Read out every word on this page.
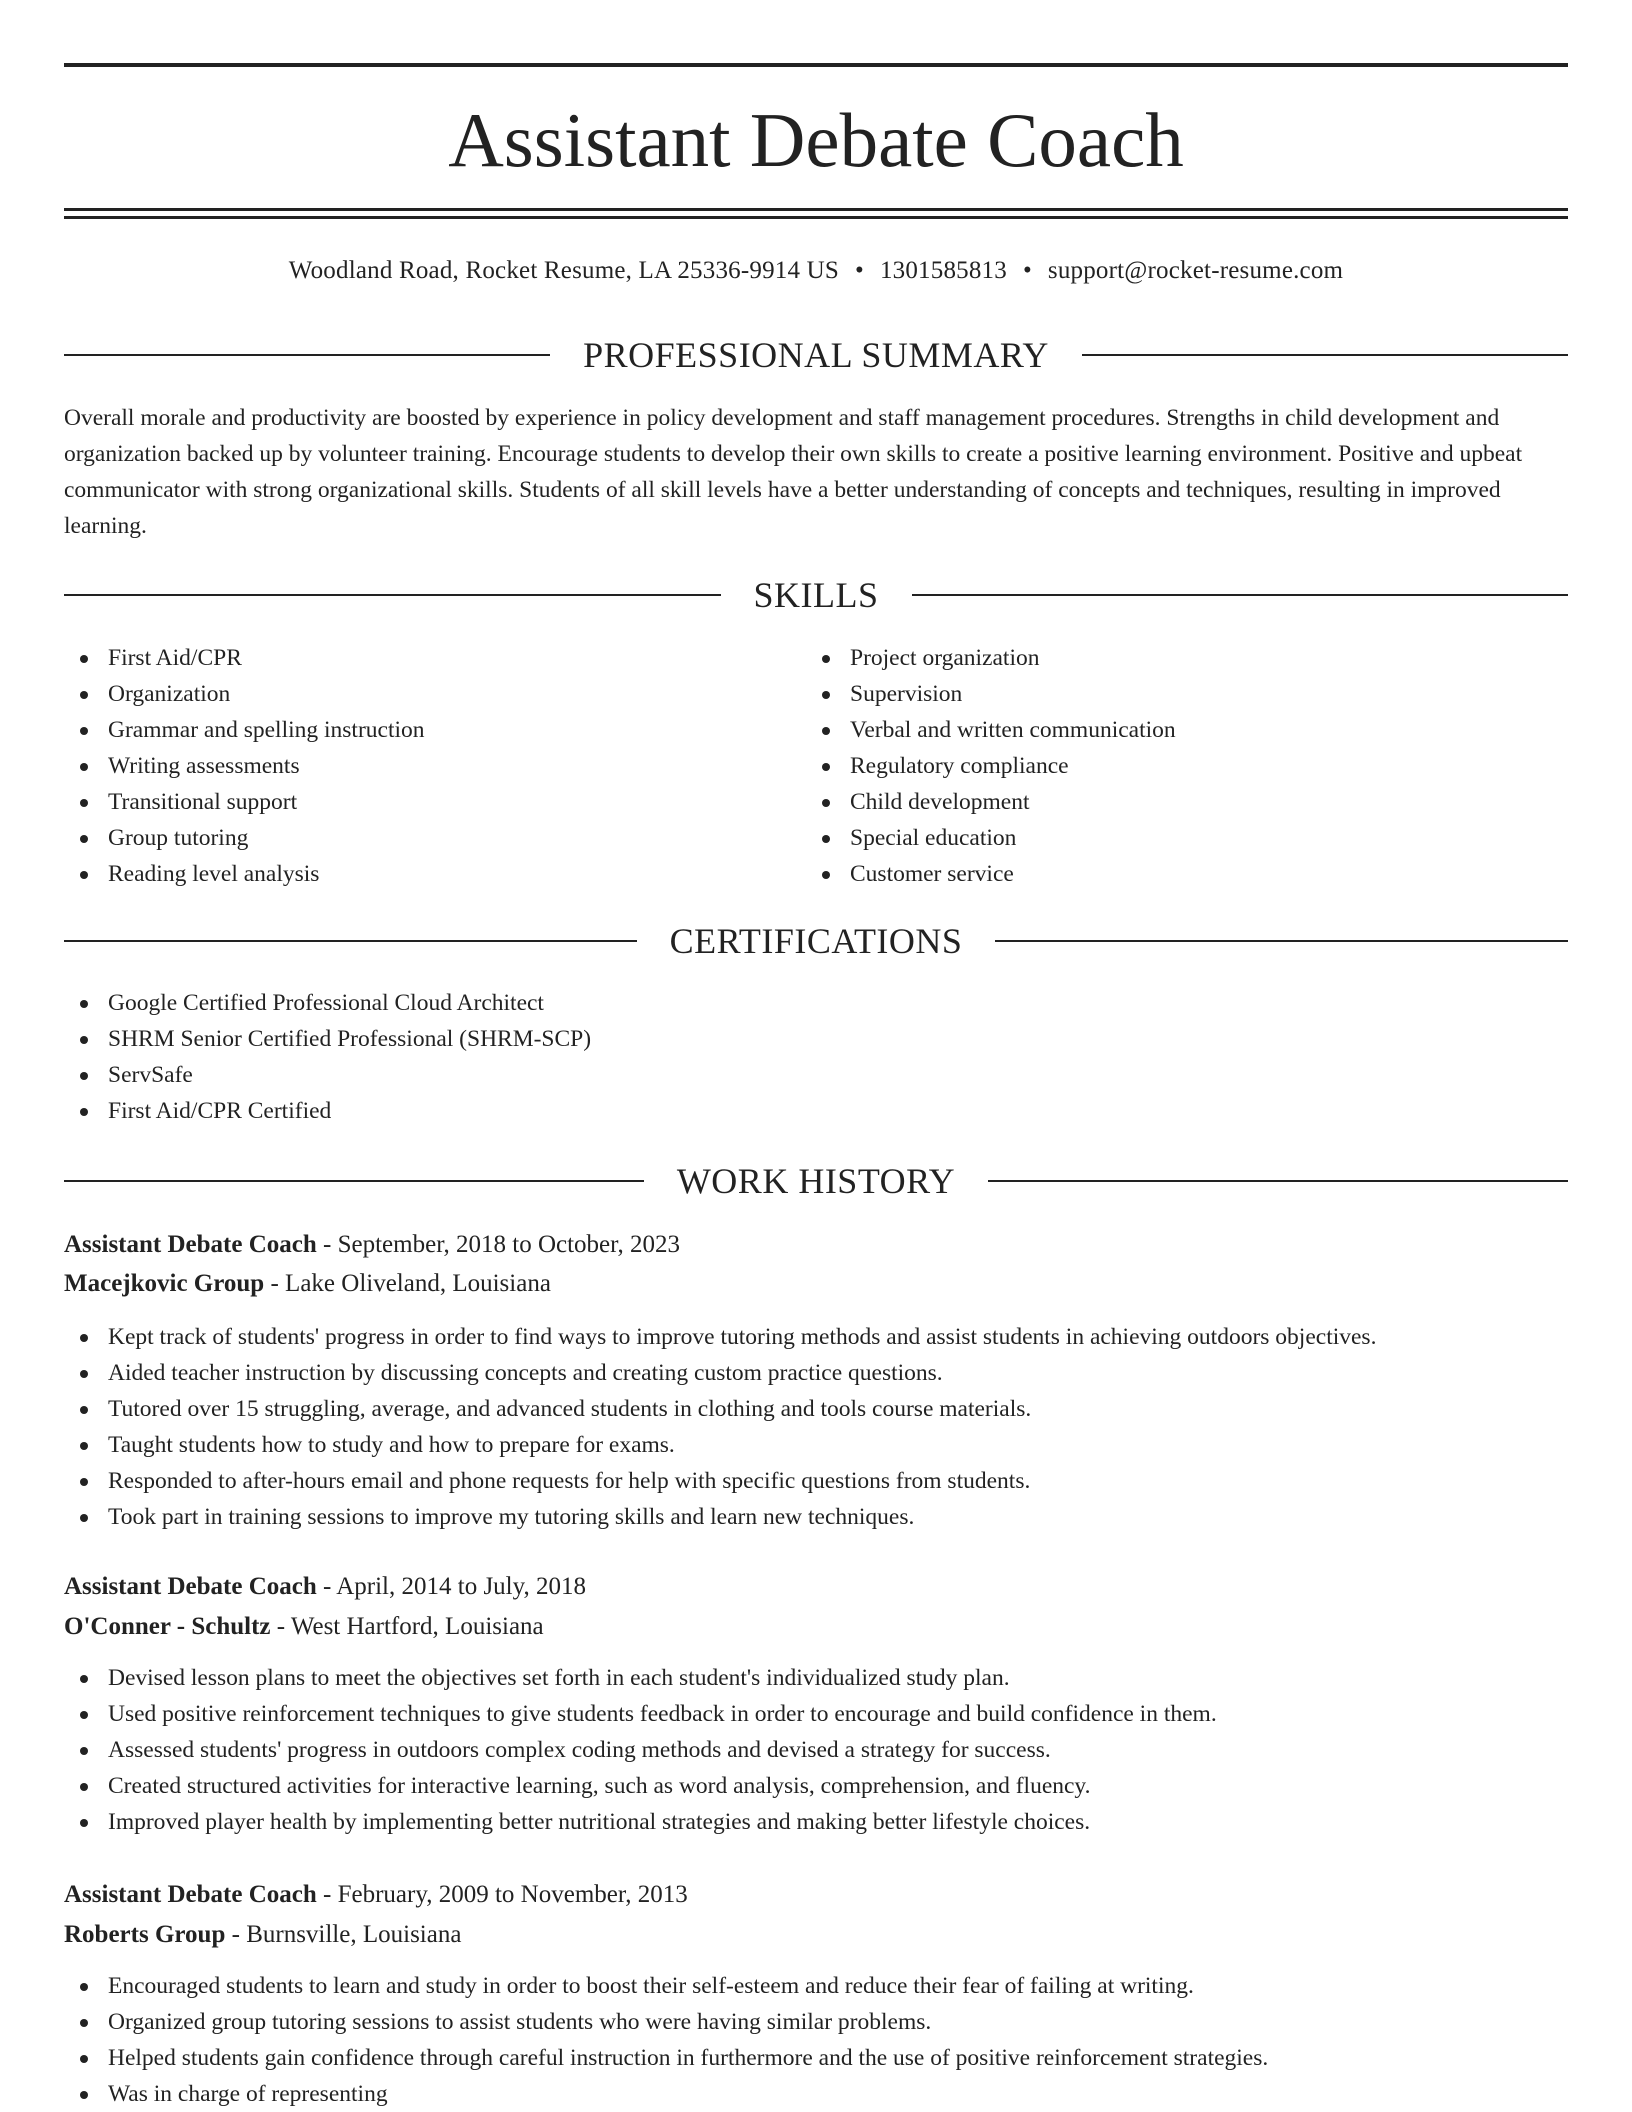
Assistant Debate Coach
Woodland Road, Rocket Resume, LA 25336-9914 US • 1301585813 • support@rocket-resume.com
PROFESSIONAL SUMMARY

Overall morale and productivity are boosted by experience in policy development and staff management procedures. Strengths in child development and organization backed up by volunteer training. Encourage students to develop their own skills to create a positive learning environment. Positive and upbeat communicator with strong organizational skills. Students of all skill levels have a better understanding of concepts and techniques, resulting in improved learning.

SKILLS
First Aid/CPR
Organization
Grammar and spelling instruction
Writing assessments
Transitional support
Group tutoring
Reading level analysis
Project organization
Supervision
Verbal and written communication
Regulatory compliance
Child development
Special education
Customer service
CERTIFICATIONS
Google Certified Professional Cloud Architect
SHRM Senior Certified Professional (SHRM-SCP)
ServSafe
First Aid/CPR Certified
WORK HISTORY
Assistant Debate Coach - September, 2018 to October, 2023
Macejkovic Group - Lake Oliveland, Louisiana
Kept track of students' progress in order to find ways to improve tutoring methods and assist students in achieving outdoors objectives.
Aided teacher instruction by discussing concepts and creating custom practice questions.
Tutored over 15 struggling, average, and advanced students in clothing and tools course materials.
Taught students how to study and how to prepare for exams.
Responded to after-hours email and phone requests for help with specific questions from students.
Took part in training sessions to improve my tutoring skills and learn new techniques.
Assistant Debate Coach - April, 2014 to July, 2018
O'Conner - Schultz - West Hartford, Louisiana
Devised lesson plans to meet the objectives set forth in each student's individualized study plan.
Used positive reinforcement techniques to give students feedback in order to encourage and build confidence in them.
Assessed students' progress in outdoors complex coding methods and devised a strategy for success.
Created structured activities for interactive learning, such as word analysis, comprehension, and fluency.
Improved player health by implementing better nutritional strategies and making better lifestyle choices.
Assistant Debate Coach - February, 2009 to November, 2013
Roberts Group - Burnsville, Louisiana
Encouraged students to learn and study in order to boost their self-esteem and reduce their fear of failing at writing.
Organized group tutoring sessions to assist students who were having similar problems.
Helped students gain confidence through careful instruction in furthermore and the use of positive reinforcement strategies.
Was in charge of representing
